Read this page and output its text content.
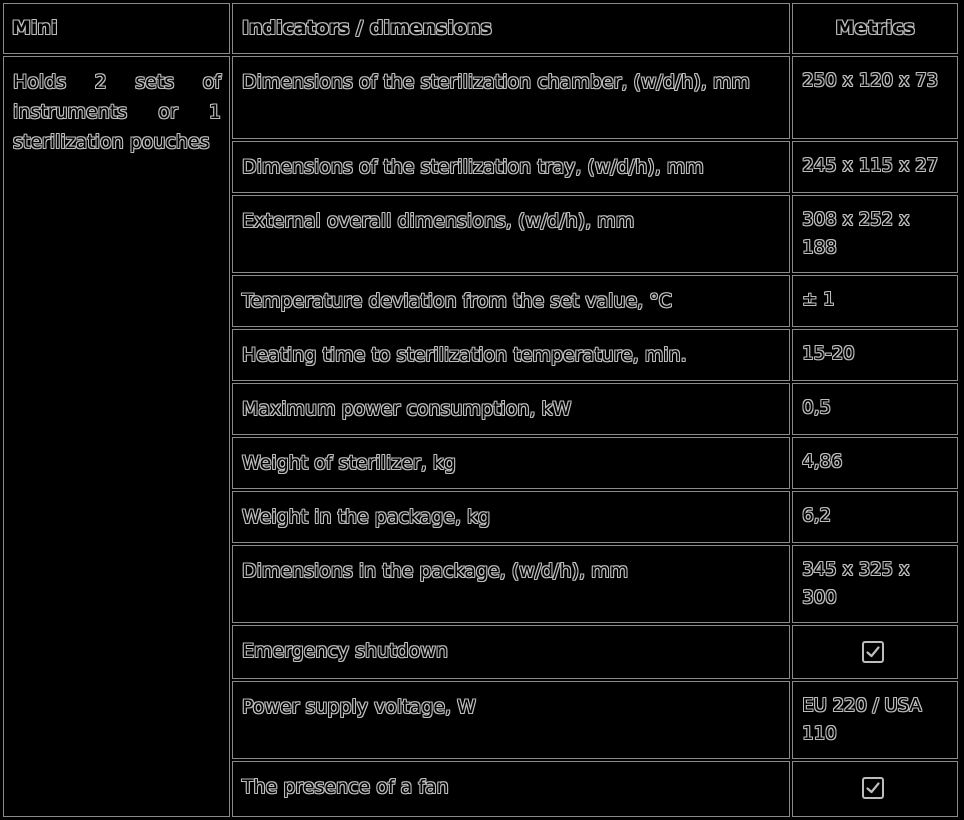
Mini	Indicators / dimensions	Metrics
Holds 2 sets of instruments or 1 sterilization pouches	Dimensions of the sterilization chamber, (w/d/h), mm	250 x 120 x 73
	Dimensions of the sterilization tray, (w/d/h), mm	245 x 115 x 27
	External overall dimensions, (w/d/h), mm	308 x 252 x 188
	Temperature deviation from the set value, °C	± 1
	Heating time to sterilization temperature, min.	15-20
	Maximum power consumption, kW	0,5
	Weight of sterilizer, kg	4,86
	Weight in the package, kg	6,2
	Dimensions in the package, (w/d/h), mm	345 x 325 x 300
	Emergency shutdown	
	Power supply voltage, W	EU 220 / USA 110
	The presence of a fan	
